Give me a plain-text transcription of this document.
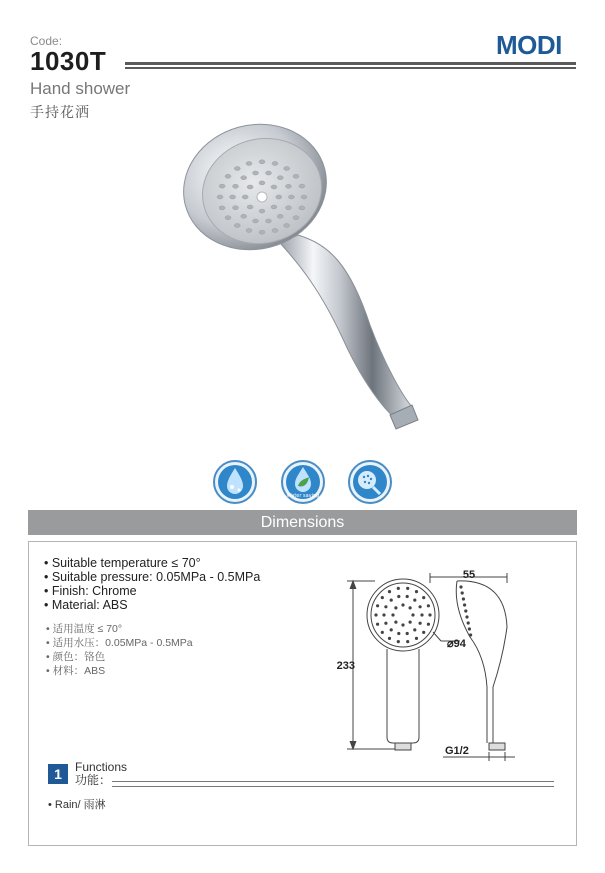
Code:
1030T
MODI
Hand shower
手持花洒
Water saving
Dimensions
• Suitable temperature ≤ 70°
• Suitable pressure: 0.05MPa - 0.5MPa
• Finish: Chrome
• Material: ABS
• 适用温度 ≤ 70°
• 适用水压：0.05MPa - 0.5MPa
• 颜色：铬色
• 材料：ABS	233
55
⌀94
G1/2
1	Functions
功能：
• Rain/ 雨淋
